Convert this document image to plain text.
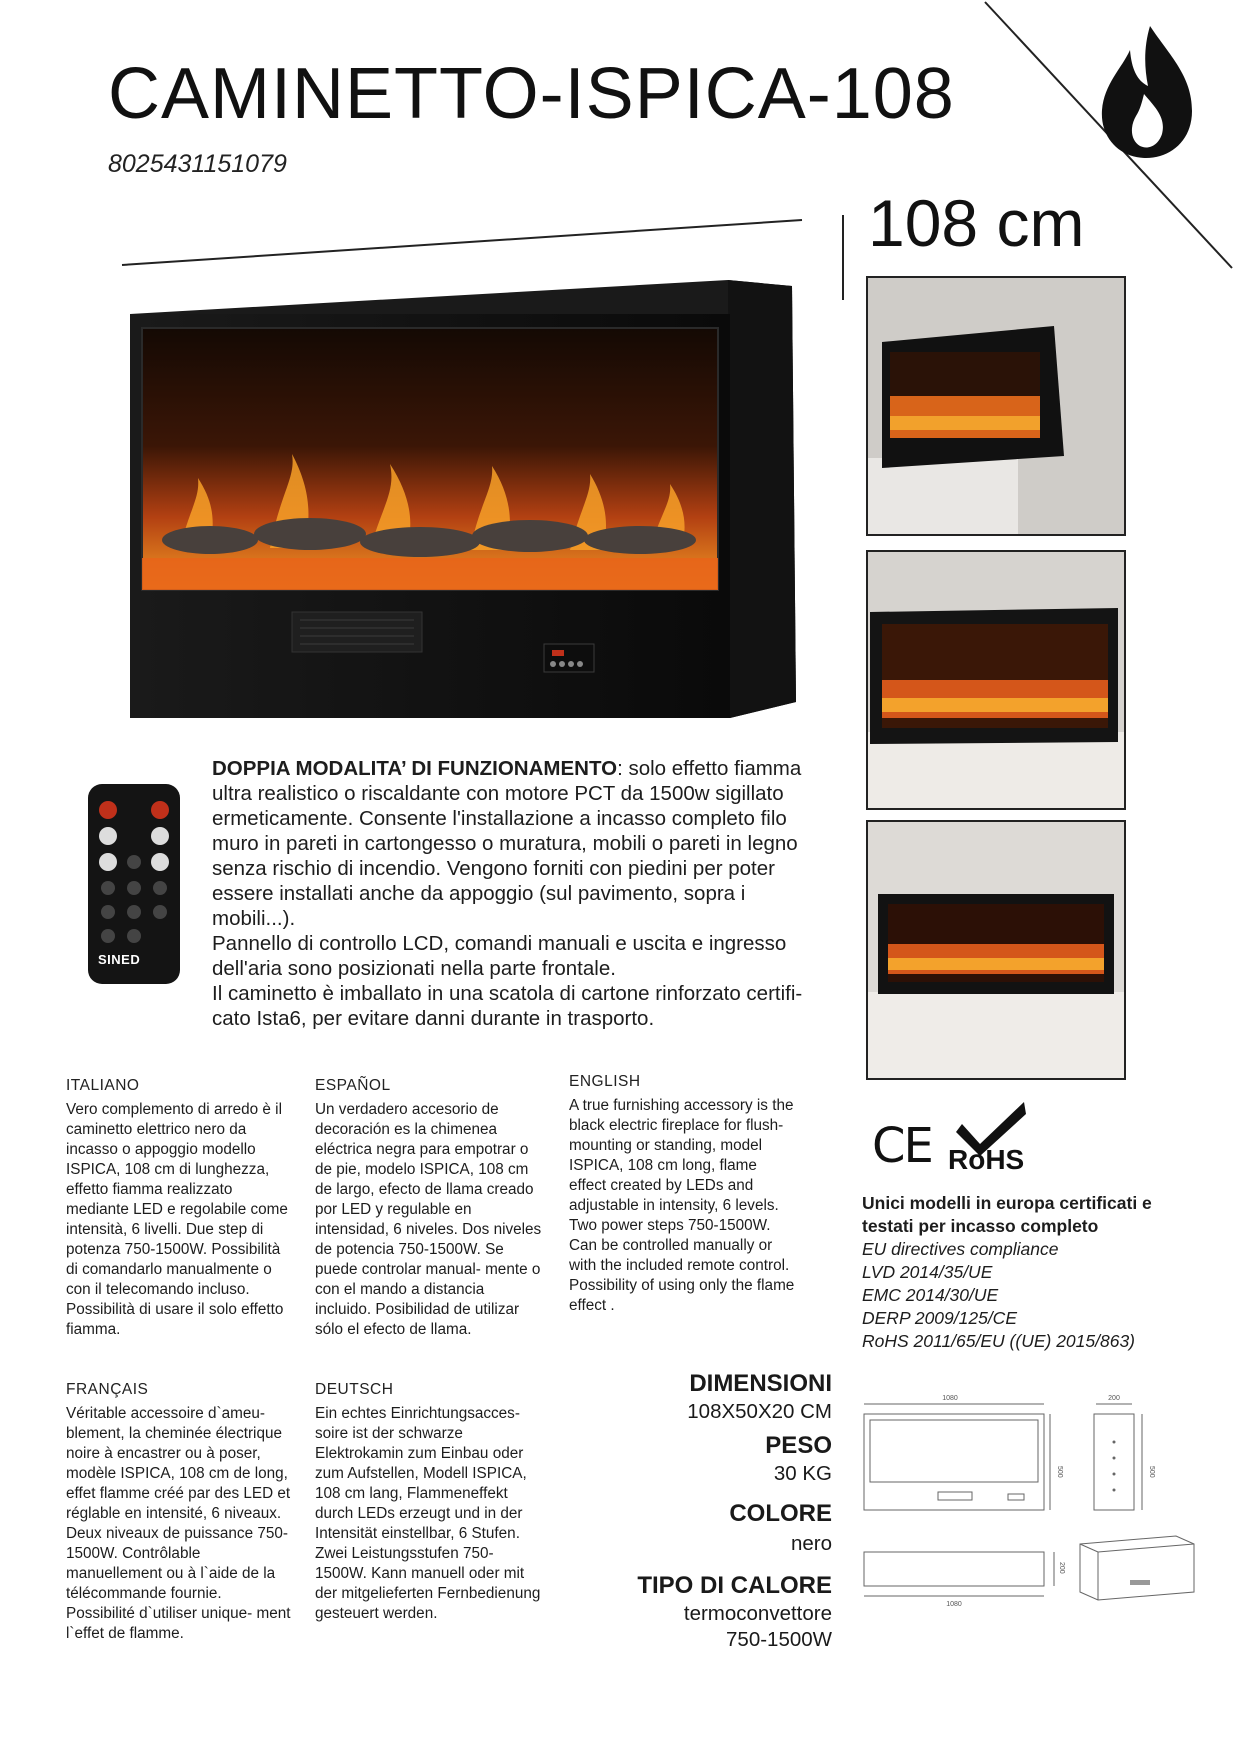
CAMINETTO-ISPICA-108
8025431151079
108 cm
SINED
DOPPIA MODALITA’ DI FUNZIONAMENTO: solo effetto fiamma ultra realistico o riscaldante con motore PCT da 1500w sigillato ermeticamente. Consente l'installazione a incasso completo filo muro in pareti in cartongesso o muratura, mobili o pareti in legno senza rischio di incendio. Vengono forniti con piedini per poter essere installati anche da appoggio (sul pavimento, sopra i mobili...).
Pannello di controllo LCD, comandi manuali e uscita e ingresso dell'aria sono posizionati nella parte frontale.
Il caminetto è imballato in una scatola di cartone rinforzato certifi- cato Ista6, per evitare danni durante in trasporto.
ITALIANO
Vero complemento di arredo è il caminetto elettrico nero da incasso o appoggio modello ISPICA, 108 cm di lunghezza, effetto fiamma realizzato mediante LED e regolabile come intensità, 6 livelli. Due step di potenza 750-1500W. Possibilità di comandarlo manualmente o con il telecomando incluso. Possibilità di usare il solo effetto fiamma.
ESPAÑOL
Un verdadero accesorio de decoración es la chimenea eléctrica negra para empotrar o de pie, modelo ISPICA, 108 cm de largo, efecto de llama creado por LED y regulable en intensidad, 6 niveles. Dos niveles de potencia 750-1500W. Se puede controlar manual- mente o con el mando a distancia incluido. Posibilidad de utilizar sólo el efecto de llama.
ENGLISH
A true furnishing accessory is the black electric fireplace for flush-mounting or standing, model ISPICA, 108 cm long, flame effect created by LEDs and adjustable in intensity, 6 levels. Two power steps 750-1500W. Can be controlled manually or with the included remote control. Possibility of using only the flame effect .
FRANÇAIS
Véritable accessoire d`ameu- blement, la cheminée électrique noire à encastrer ou à poser, modèle ISPICA, 108 cm de long, effet flamme créé par des LED et réglable en intensité, 6 niveaux. Deux niveaux de puissance 750-1500W. Contrôlable manuellement ou à l`aide de la télécommande fournie. Possibilité d`utiliser unique- ment l`effet de flamme.
DEUTSCH
Ein echtes Einrichtungsacces- soire ist der schwarze Elektrokamin zum Einbau oder zum Aufstellen, Modell ISPICA, 108 cm lang, Flammeneffekt durch LEDs erzeugt und in der Intensität einstellbar, 6 Stufen. Zwei Leistungsstufen 750-1500W. Kann manuell oder mit der mitgelieferten Fernbedienung gesteuert werden.
DIMENSIONI
108X50X20 CM
PESO
30 KG
COLORE
nero
TIPO DI CALORE
termoconvettore
750-1500W
CE RoHS
Unici modelli in europa certificati e testati per incasso completo
EU directives compliance
LVD 2014/35/UE
EMC 2014/30/UE
DERP 2009/125/CE
RoHS 2011/65/EU ((UE) 2015/863)
1080
500
200
500
1080
200
